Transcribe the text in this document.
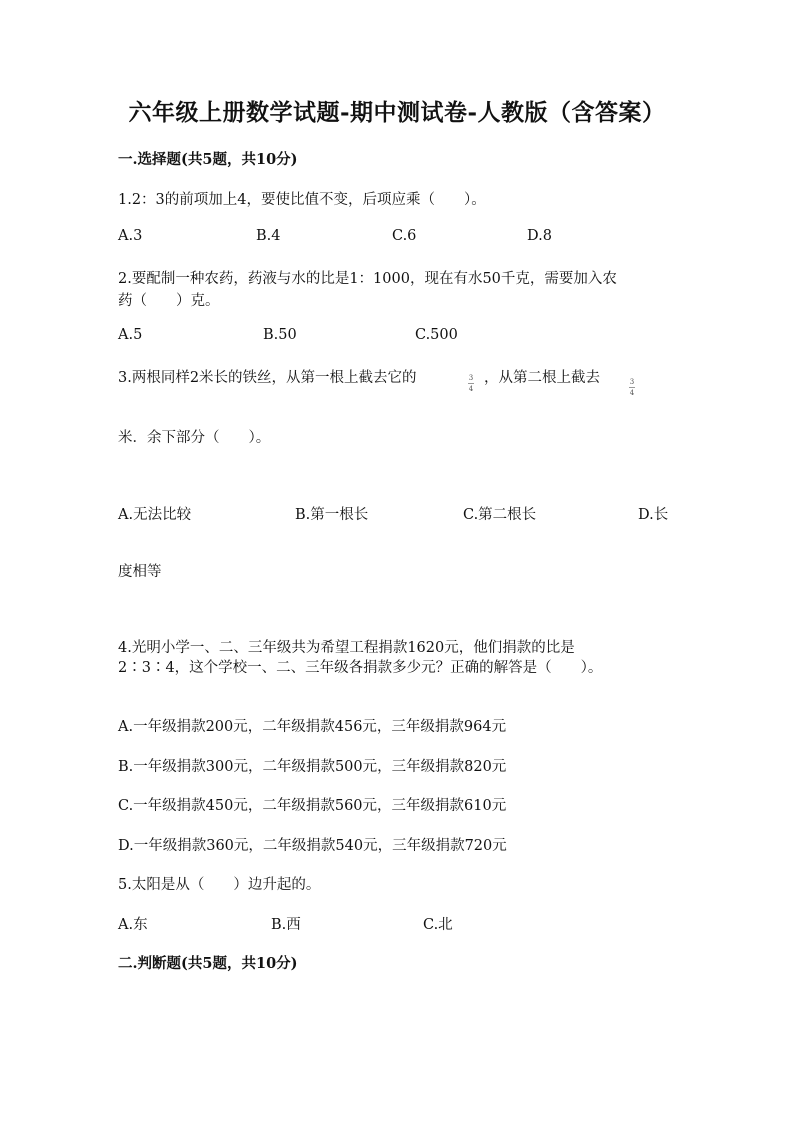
六年级上册数学试题-期中测试卷-人教版（含答案）
一.选择题(共5题，共10分)
1.2：3的前项加上4，要使比值不变，后项应乘（　　）。
A.3	B.4	C.6	D.8
2.要配制一种农药，药液与水的比是1：1000，现在有水50千克，需要加入农
药（　　）克。
A.5	B.50	C.500
3.两根同样2米长的铁丝，从第一根上截去它的	3
4
，从第二根上截去	3
4
米．余下部分（　　）。
A.无法比较	B.第一根长	C.第二根长	D.长
度相等
4.光明小学一、二、三年级共为希望工程捐款1620元，他们捐款的比是
2∶3∶4，这个学校一、二、三年级各捐款多少元？正确的解答是（　　）。
A.一年级捐款200元，二年级捐款456元，三年级捐款964元
B.一年级捐款300元，二年级捐款500元，三年级捐款820元
C.一年级捐款450元，二年级捐款560元，三年级捐款610元
D.一年级捐款360元，二年级捐款540元，三年级捐款720元
5.太阳是从（　　）边升起的。
A.东	B.西	C.北
二.判断题(共5题，共10分)
